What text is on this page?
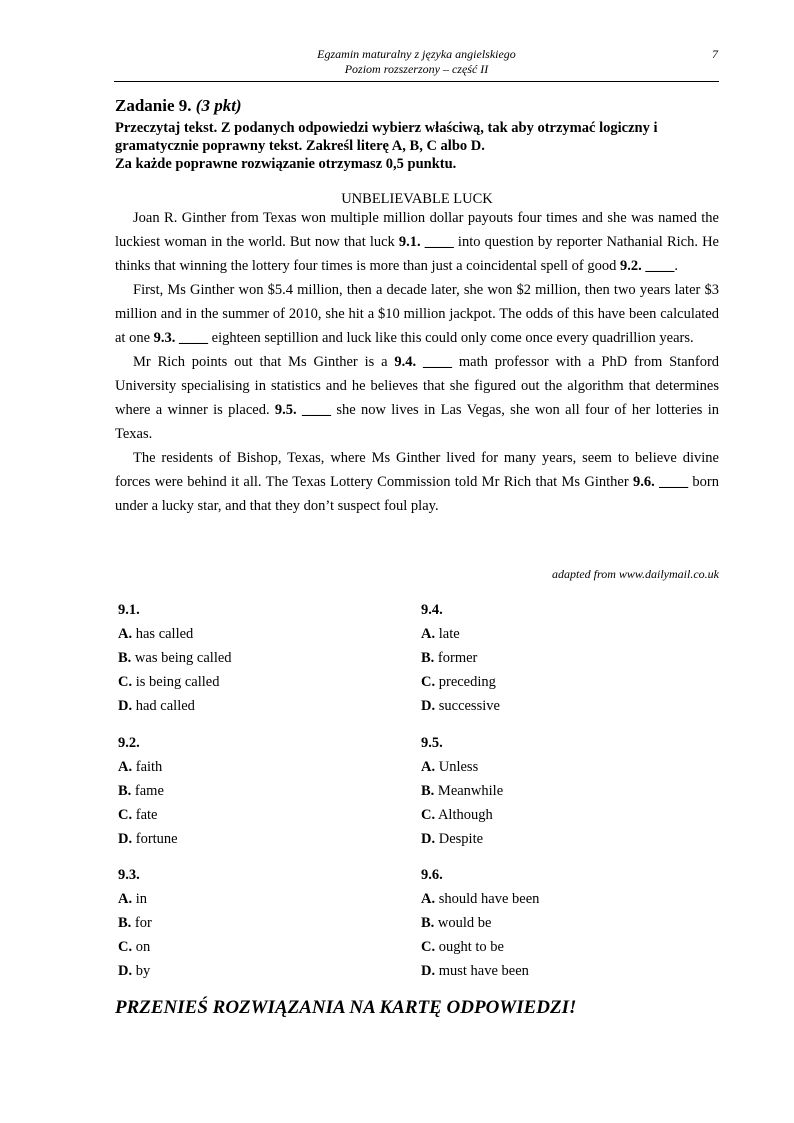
Egzamin maturalny z języka angielskiego
Poziom rozszerzony – część II
7
Zadanie 9. (3 pkt)
Przeczytaj tekst. Z podanych odpowiedzi wybierz właściwą, tak aby otrzymać logiczny i gramatycznie poprawny tekst. Zakreśl literę A, B, C albo D.
Za każde poprawne rozwiązanie otrzymasz 0,5 punktu.
UNBELIEVABLE LUCK

Joan R. Ginther from Texas won multiple million dollar payouts four times and she was named the luckiest woman in the world. But now that luck 9.1. ____ into question by reporter Nathanial Rich. He thinks that winning the lottery four times is more than just a coincidental spell of good 9.2. ____.

First, Ms Ginther won $5.4 million, then a decade later, she won $2 million, then two years later $3 million and in the summer of 2010, she hit a $10 million jackpot. The odds of this have been calculated at one 9.3. ____ eighteen septillion and luck like this could only come once every quadrillion years.

Mr Rich points out that Ms Ginther is a 9.4. ____ math professor with a PhD from Stanford University specialising in statistics and he believes that she figured out the algorithm that determines where a winner is placed. 9.5. ____ she now lives in Las Vegas, she won all four of her lotteries in Texas.

The residents of Bishop, Texas, where Ms Ginther lived for many years, seem to believe divine forces were behind it all. The Texas Lottery Commission told Mr Rich that Ms Ginther 9.6. ____ born under a lucky star, and that they don’t suspect foul play.

adapted from www.dailymail.co.uk
9.1.
A. has called
B. was being called
C. is being called
D. had called
9.2.
A. faith
B. fame
C. fate
D. fortune
9.3.
A. in
B. for
C. on
D. by
9.4.
A. late
B. former
C. preceding
D. successive
9.5.
A. Unless
B. Meanwhile
C. Although
D. Despite
9.6.
A. should have been
B. would be
C. ought to be
D. must have been
PRZENIEŚ ROZWIĄZANIA NA KARTĘ ODPOWIEDZI!
